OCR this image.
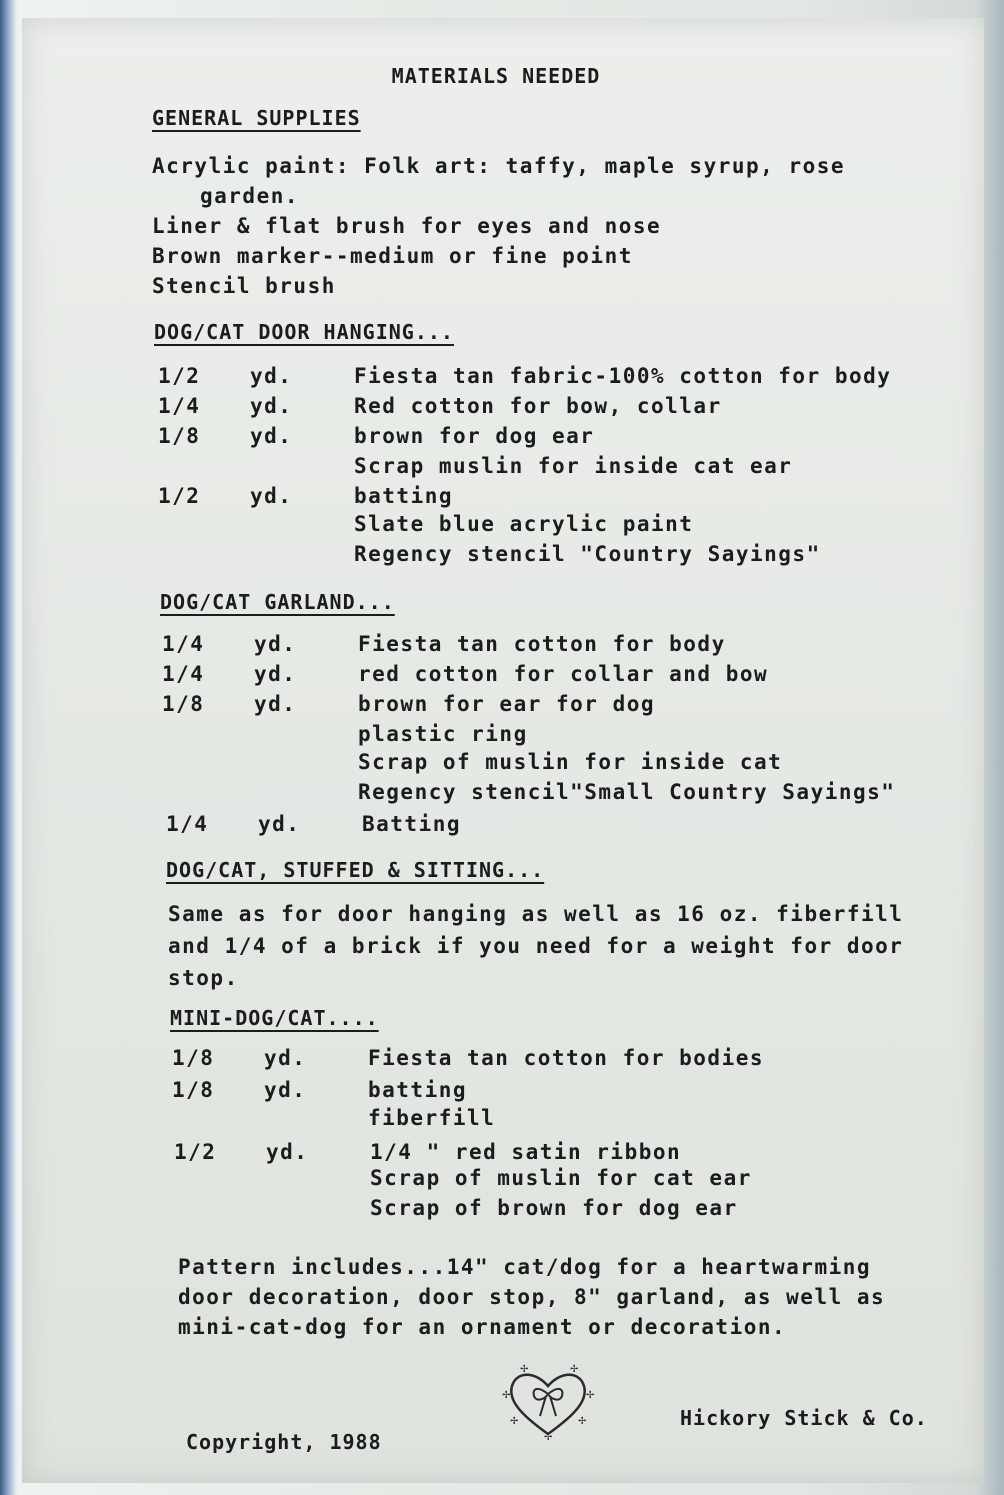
MATERIALS NEEDED
GENERAL SUPPLIES
Acrylic paint: Folk art: taffy, maple syrup, rose
garden.
Liner & flat brush for eyes and nose
Brown marker--medium or fine point
Stencil brush
DOG/CAT DOOR HANGING...
1/2 yd.	Fiesta tan fabric-100% cotton for body
1/4 yd.	Red cotton for bow, collar
1/8 yd.	brown for dog ear
Scrap muslin for inside cat ear
1/2 yd.	batting
Slate blue acrylic paint
Regency stencil "Country Sayings"
DOG/CAT GARLAND...
1/4 yd.	Fiesta tan cotton for body
1/4 yd.	red cotton for collar and bow
1/8 yd.	brown for ear for dog
plastic ring
Scrap of muslin for inside cat
Regency stencil"Small Country Sayings"
1/4 yd.	Batting
DOG/CAT, STUFFED & SITTING...
Same as for door hanging as well as 16 oz. fiberfill
and 1/4 of a brick if you need for a weight for door
stop.
MINI-DOG/CAT....
1/8 yd.	Fiesta tan cotton for bodies
1/8 yd.	batting
fiberfill
1/2 yd.	1/4 " red satin ribbon
Scrap of muslin for cat ear
Scrap of brown for dog ear
Pattern includes...14" cat/dog for a heartwarming
door decoration, door stop, 8" garland, as well as
mini-cat-dog for an ornament or decoration.
✢	✢
✢	✢
✢	✢
✢
Copyright, 1988
Hickory Stick & Co.
